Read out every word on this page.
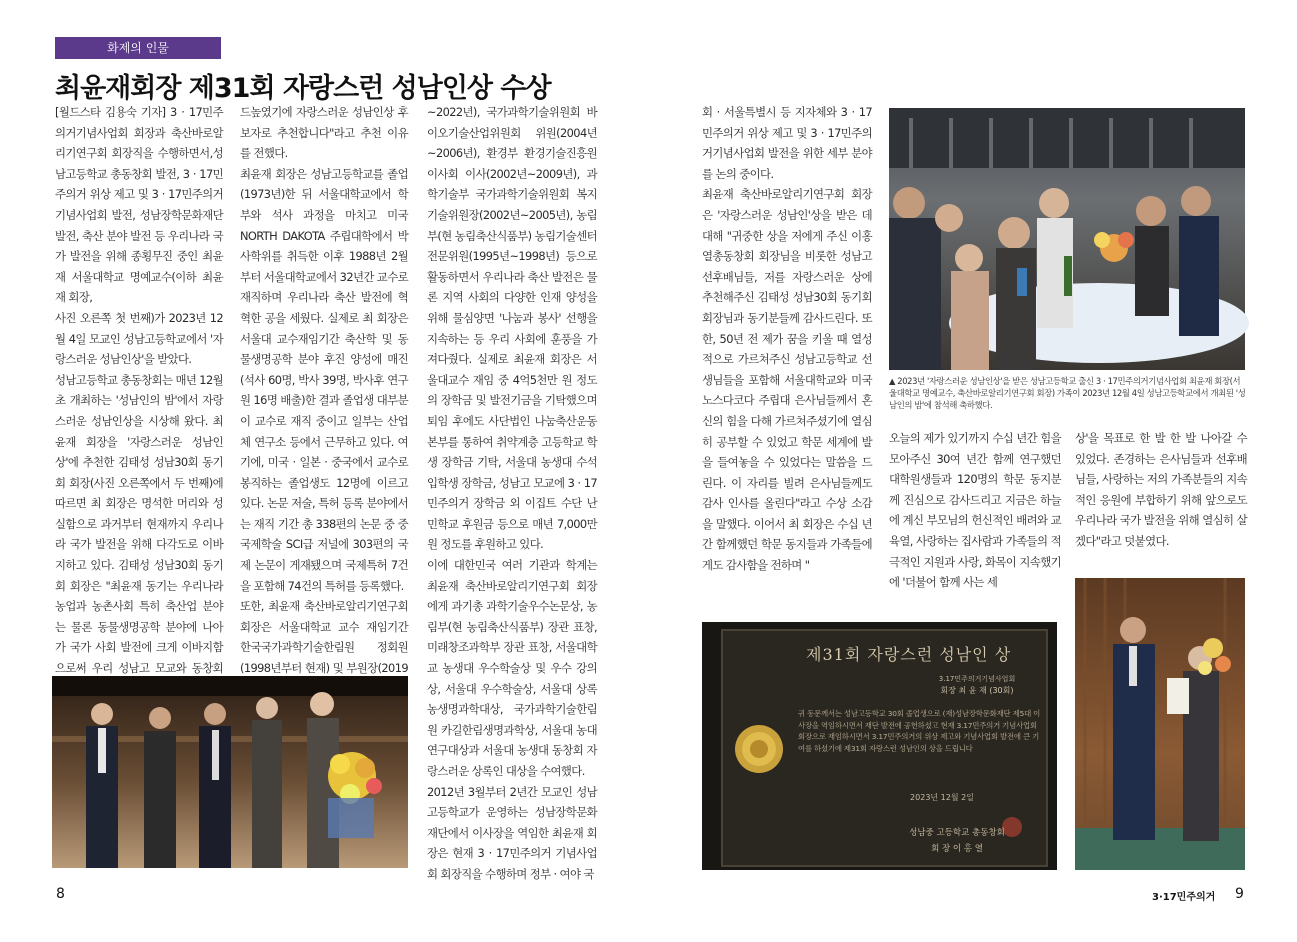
화제의 인물
최윤재회장 제31회 자랑스런 성남인상 수상

[월드스타 김용숙 기자] 3 · 17민주의거기념사업회 회장과 축산바로알리기연구회 회장직을 수행하면서,성남고등학교 총동창회 발전, 3 · 17민주의거 위상 제고 및 3 · 17민주의거기념사업회 발전, 성남장학문화재단 발전, 축산 분야 발전 등 우리나라 국가 발전을 위해 종횡무진 중인 최윤재 서울대학교 명예교수(이하 최윤재 회장,

사진 오른쪽 첫 번째)가 2023년 12월 4일 모교인 성남고등학교에서 '자랑스러운 성남인상'을 받았다.

성남고등학교 총동창회는 매년 12월 초 개최하는 '성남인의 밤'에서 자랑스러운 성남인상을 시상해 왔다. 최윤재 회장을 '자랑스러운 성남인상'에 추천한 김태성 성남30회 동기회 회장(사진 오른쪽에서 두 번째)에 따르면 최 회장은 명석한 머리와 성실함으로 과거부터 현재까지 우리나라 국가 발전을 위해 다각도로 이바지하고 있다. 김태성 성남30회 동기회 회장은 "최윤재 동기는 우리나라 농업과 농촌사회 특히 축산업 분야는 물론 동물생명공학 분야에 나아가 국가 사회 발전에 크게 이바지함으로써 우리 성남고 모교와 동창회

드높였기에 자랑스러운 성남인상 후보자로 추천합니다"라고 추천 이유를 전했다.

최윤재 회장은 성남고등학교를 졸업(1973년)한 뒤 서울대학교에서 학부와 석사 과정을 마치고 미국 NORTH DAKOTA 주립대학에서 박사학위를 취득한 이후 1988년 2월부터 서울대학교에서 32년간 교수로 재직하며 우리나라 축산 발전에 혁혁한 공을 세웠다. 실제로 최 회장은 서울대 교수재임기간 축산학 및 동물생명공학 분야 후진 양성에 매진(석사 60명, 박사 39명, 박사후 연구원 16명 배출)한 결과 졸업생 대부분이 교수로 재직 중이고 일부는 산업체 연구소 등에서 근무하고 있다. 여기에, 미국 · 일본 · 중국에서 교수로 봉직하는 졸업생도 12명에 이르고 있다. 논문 저술, 특허 등록 분야에서는 재직 기간 총 338편의 논문 중 중 국제학술 SCI급 저널에 303편의 국제 논문이 게재됐으며 국제특허 7건을 포함해 74건의 특허를 등록했다.

또한, 최윤재 축산바로알리기연구회 회장은 서울대학교 교수 재임기간 한국국가과학기술한림원 정회원(1998년부터 현재) 및 부원장(2019

~2022년), 국가과학기술위원회 바이오기술산업위원회 위원(2004년~2006년), 환경부 환경기술진흥원 이사회 이사(2002년~2009년), 과학기술부 국가과학기술위원회 복지기술위원장(2002년~2005년), 농림부(현 농림축산식품부) 농림기술센터 전문위원(1995년~1998년) 등으로 활동하면서 우리나라 축산 발전은 물론 지역 사회의 다양한 인재 양성을 위해 물심양면 '나눔과 봉사' 선행을 지속하는 등 우리 사회에 훈풍을 가져다줬다. 실제로 최윤재 회장은 서울대교수 재임 중 4억5천만 원 정도의 장학금 및 발전기금을 기탁했으며 퇴임 후에도 사단법인 나눔축산운동본부를 통하여 취약계층 고등학교 학생 장학금 기탁, 서울대 농생대 수석입학생 장학금, 성남고 모교에 3 · 17 민주의거 장학금 외 이집트 수단 난민학교 후원금 등으로 매년 7,000만 원 정도를 후원하고 있다.

이에 대한민국 여러 기관과 학계는 최윤재 축산바로알리기연구회 회장에게 과기총 과학기술우수논문상, 농림부(현 농림축산식품부) 장관 표창, 미래창조과학부 장관 표창, 서울대학교 농생대 우수학술상 및 우수 강의상, 서울대 우수학술상, 서울대 상록 농생명과학대상, 국가과학기술한림원 카길한림생명과학상, 서울대 농대 연구대상과 서울대 농생대 동창회 자랑스러운 상록인 대상을 수여했다.

2012년 3월부터 2년간 모교인 성남고등학교가 운영하는 성남장학문화재단에서 이사장을 역임한 최윤재 회장은 현재 3 · 17민주의거 기념사업회 회장직을 수행하며 정부 · 여야 국

회 · 서울특별시 등 지자체와 3 · 17 민주의거 위상 제고 및 3 · 17민주의거기념사업회 발전을 위한 세부 분야를 논의 중이다.

최윤재 축산바로알리기연구회 회장은 '자랑스러운 성남인'상을 받은 데 대해 "귀중한 상을 저에게 주신 이홍열총동창회 회장님을 비롯한 성남고 선후배님들, 저를 자랑스러운 상에 추천해주신 김태성 성남30회 동기회 회장님과 동기분들께 감사드린다. 또한, 50년 전 제가 꿈을 키울 때 열성적으로 가르쳐주신 성남고등학교 선생님들을 포함해 서울대학교와 미국 노스다코다 주립대 은사님들께서 혼신의 힘을 다해 가르쳐주셨기에 열심히 공부할 수 있었고 학문 세계에 발을 들여놓을 수 있었다는 말씀을 드린다. 이 자리를 빌려 은사님들께도 감사 인사를 올린다"라고 수상 소감을 말했다. 이어서 최 회장은 수십 년간 함께했던 학문 동지들과 가족들에게도 감사함을 전하며 "

▲ 2023년 '자랑스러운 성남인상'을 받은 성남고등학교 출신 3 · 17민주의거기념사업회 최윤재 회장(서울대학교 명예교수, 축산바로알리기연구회 회장) 가족이 2023년 12월 4일 성남고등학교에서 개최된 '성남인의 밤'에 참석해 축하했다.

오늘의 제가 있기까지 수십 년간 힘을 모아주신 30여 년간 함께 연구했던 대학원생들과 120명의 학문 동지분께 진심으로 감사드리고 지금은 하늘에 계신 부모님의 헌신적인 배려와 교육열, 사랑하는 집사람과 가족들의 적극적인 지원과 사랑, 화목이 지속했기에 '더불어 함께 사는 세

상'을 목표로 한 발 한 발 나아갈 수 있었다. 존경하는 은사님들과 선후배님들, 사랑하는 저의 가족분들의 지속적인 응원에 부합하기 위해 앞으로도 우리나라 국가 발전을 위해 열심히 살겠다"라고 덧붙였다.

제31회 자랑스런 성남인 상
3.17민주의거기념사업회
회장 최 윤 재 (30회)
귀 동문께서는 성남고등학교 30회 졸업생으로 (재)성남장학문화재단 제5대 이사장을 역임하시면서 재단 발전에 공헌하셨고 현재 3.17민주의거 기념사업회 회장으로 재임하시면서 3.17민주의거의 위상 제고와 기념사업회 발전에 큰 기여를 하셨기에 제31회 자랑스런 성남인의 상을 드립니다
2023년 12월 2일
성남중 고등학교 총동창회
회 장 이 홍 열
8	3·17민주의거 9
